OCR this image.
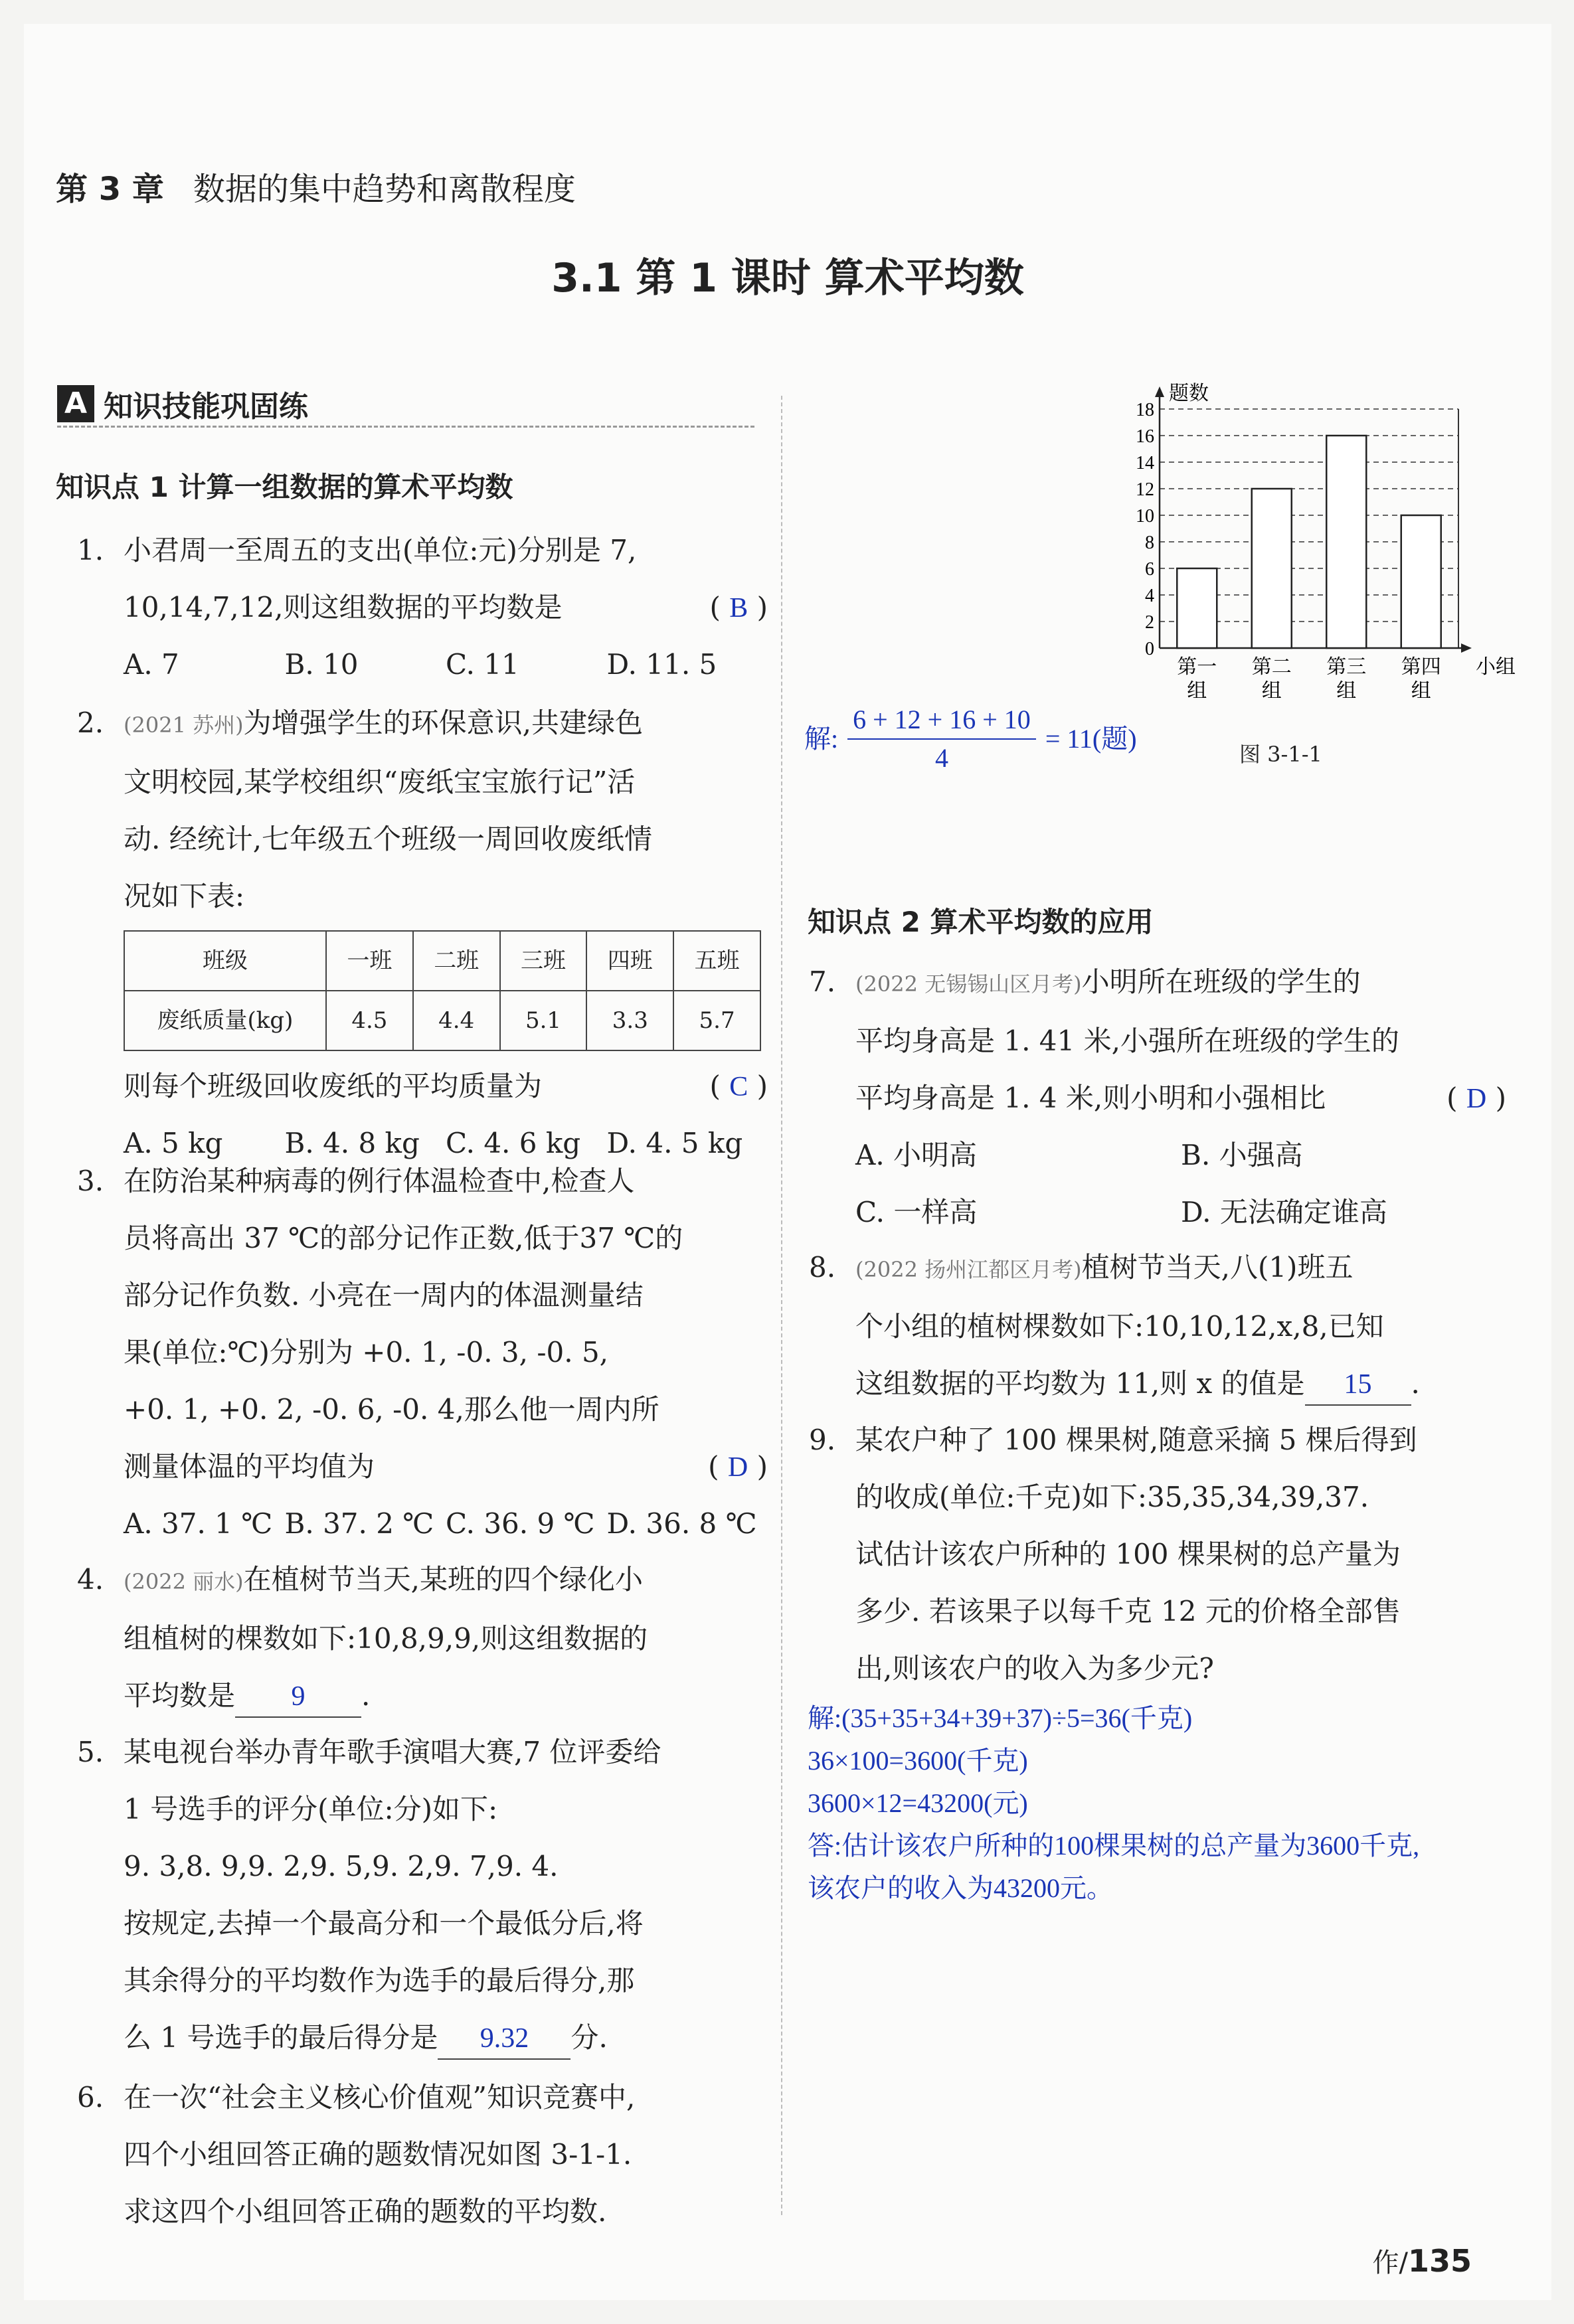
第 3 章 数据的集中趋势和离散程度
3.1 第 1 课时 算术平均数
A 知识技能巩固练
知识点 1 计算一组数据的算术平均数
1. 小君周一至周五的支出(单位:元)分别是 7,
10,14,7,12,则这组数据的平均数是	( B )
A. 7	B. 10	C. 11	D. 11. 5
2. (2021 苏州)为增强学生的环保意识,共建绿色
文明校园,某学校组织“废纸宝宝旅行记”活
动. 经统计,七年级五个班级一周回收废纸情
况如下表:
班级	一班	二班	三班	四班	五班
废纸质量(kg)	4.5	4.4	5.1	3.3	5.7
则每个班级回收废纸的平均质量为	( C )
A. 5 kg	B. 4. 8 kg C. 4. 6 kg D. 4. 5 kg
3. 在防治某种病毒的例行体温检查中,检查人
员将高出 37 ℃的部分记作正数,低于37 ℃的
部分记作负数. 小亮在一周内的体温测量结
果(单位:℃)分别为 +0. 1, -0. 3, -0. 5,
+0. 1, +0. 2, -0. 6, -0. 4,那么他一周内所
测量体温的平均值为	( D )
A. 37. 1 ℃ B. 37. 2 ℃ C. 36. 9 ℃ D. 36. 8 ℃
4. (2022 丽水)在植树节当天,某班的四个绿化小
组植树的棵数如下:10,8,9,9,则这组数据的
平均数是 9 .
5. 某电视台举办青年歌手演唱大赛,7 位评委给
1 号选手的评分(单位:分)如下:
9. 3,8. 9,9. 2,9. 5,9. 2,9. 7,9. 4.
按规定,去掉一个最高分和一个最低分后,将
其余得分的平均数作为选手的最后得分,那
么 1 号选手的最后得分是 9.32 分.
6. 在一次“社会主义核心价值观”知识竞赛中,
四个小组回答正确的题数情况如图 3-1-1.
求这四个小组回答正确的题数的平均数.
0
2
4
6
8
10
12
14
16
18
题数
第一
组
第二
组
第三
组
第四
组
小组
解: $\frac{6 + 12 + 16 + 10}{4} = 11$(题)
图 3-1-1
知识点 2 算术平均数的应用
7. (2022 无锡锡山区月考)小明所在班级的学生的
平均身高是 1. 41 米,小强所在班级的学生的
平均身高是 1. 4 米,则小明和小强相比	( D )
A. 小明高	B. 小强高
C. 一样高	D. 无法确定谁高
8. (2022 扬州江都区月考)植树节当天,八(1)班五
个小组的植树棵数如下:10,10,12,x,8,已知
这组数据的平均数为 11,则 x 的值是 15 .
9. 某农户种了 100 棵果树,随意采摘 5 棵后得到
的收成(单位:千克)如下:35,35,34,39,37.
试估计该农户所种的 100 棵果树的总产量为
多少. 若该果子以每千克 12 元的价格全部售
出,则该农户的收入为多少元?
解:(35+35+34+39+37)÷5=36(千克)
36×100=3600(千克)
3600×12=43200(元)
答:估计该农户所种的100棵果树的总产量为3600千克,
该农户的收入为43200元。
作/135
